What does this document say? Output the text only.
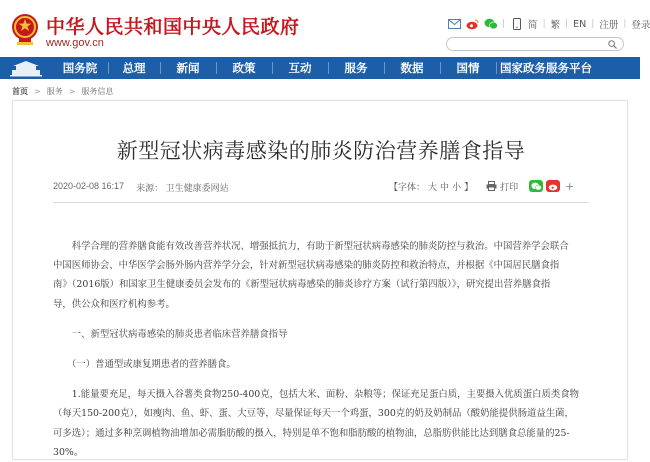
中华人民共和国中央人民政府
www.gov.cn
| 简 | 繁 | EN | 注册 | 登录
国务院	总理	新闻	政策	互动	服务	数据	国情	国家政务服务平台
首页 > 服务 > 服务信息
新型冠状病毒感染的肺炎防治营养膳食指导
2020-02-08 16:17 来源： 卫生健康委网站	【字体： 大 中 小 】	打印	+
　　科学合理的营养膳食能有效改善营养状况、增强抵抗力，有助于新型冠状病毒感染的肺炎防控与救治。中国营养学会联合
中国医师协会、中华医学会肠外肠内营养学分会，针对新型冠状病毒感染的肺炎防控和救治特点，并根据《中国居民膳食指
南》（2016版）和国家卫生健康委员会发布的《新型冠状病毒感染的肺炎诊疗方案（试行第四版）》，研究提出营养膳食指
导，供公众和医疗机构参考。
　　一、新型冠状病毒感染的肺炎患者临床营养膳食指导
　　（一）普通型或康复期患者的营养膳食。
　　1.能量要充足，每天摄入谷薯类食物250-400克，包括大米、面粉、杂粮等；保证充足蛋白质，主要摄入优质蛋白质类食物
（每天150-200克），如瘦肉、鱼、虾、蛋、大豆等，尽量保证每天一个鸡蛋，300克的奶及奶制品（酸奶能提供肠道益生菌，
可多选）；通过多种烹调植物油增加必需脂肪酸的摄入，特别是单不饱和脂肪酸的植物油，总脂肪供能比达到膳食总能量的25-
30%。
